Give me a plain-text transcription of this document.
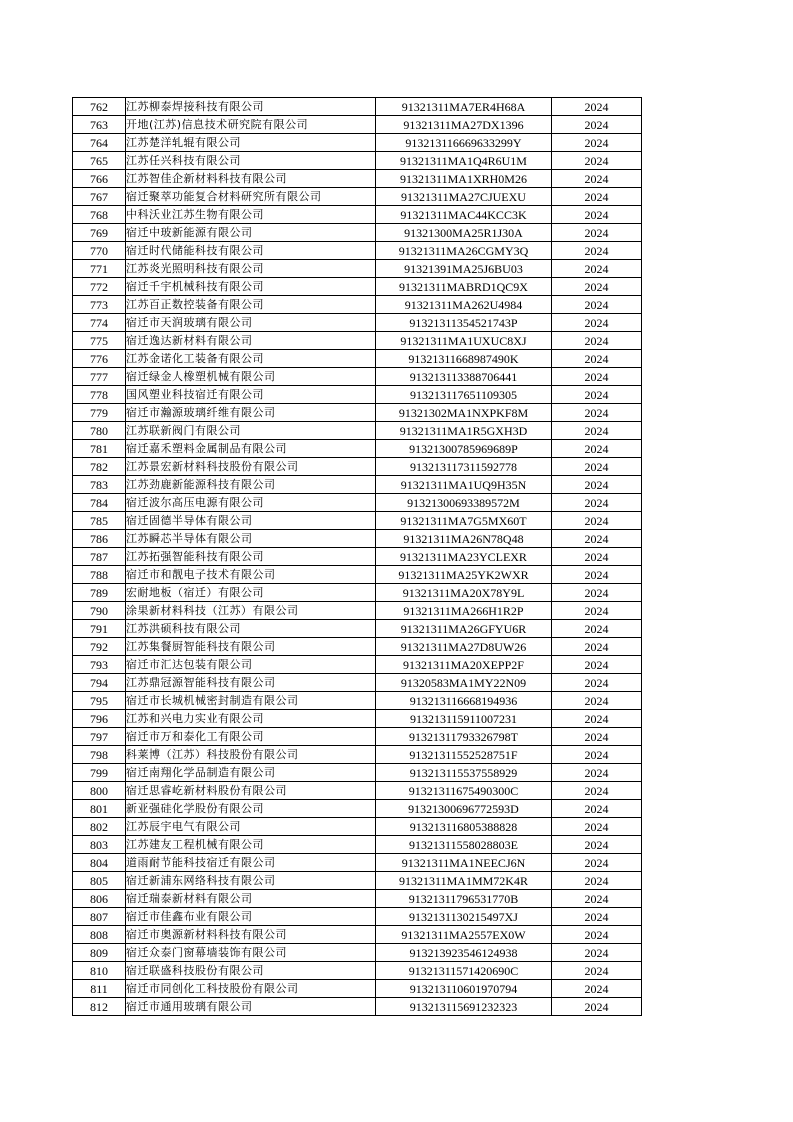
762	江苏柳泰焊接科技有限公司	91321311MA7ER4H68A	2024
763	开地(江苏)信息技术研究院有限公司	91321311MA27DX1396	2024
764	江苏楚洋轧辊有限公司	913213116669633299Y	2024
765	江苏任兴科技有限公司	91321311MA1Q4R6U1M	2024
766	江苏智佳企新材料科技有限公司	91321311MA1XRH0M26	2024
767	宿迁聚萃功能复合材料研究所有限公司	91321311MA27CJUEXU	2024
768	中科沃业江苏生物有限公司	91321311MAC44KCC3K	2024
769	宿迁中玻新能源有限公司	91321300MA25R1J30A	2024
770	宿迁时代储能科技有限公司	91321311MA26CGMY3Q	2024
771	江苏炎光照明科技有限公司	91321391MA25J6BU03	2024
772	宿迁千宇机械科技有限公司	91321311MABRD1QC9X	2024
773	江苏百正数控装备有限公司	91321311MA262U4984	2024
774	宿迁市天润玻璃有限公司	91321311354521743P	2024
775	宿迁逸达新材料有限公司	91321311MA1UXUC8XJ	2024
776	江苏金诺化工装备有限公司	91321311668987490K	2024
777	宿迁绿金人橡塑机械有限公司	913213113388706441	2024
778	国风塑业科技宿迁有限公司	913213117651109305	2024
779	宿迁市瀚源玻璃纤维有限公司	91321302MA1NXPKF8M	2024
780	江苏联新阀门有限公司	91321311MA1R5GXH3D	2024
781	宿迁嘉禾塑料金属制品有限公司	91321300785969689P	2024
782	江苏景宏新材料科技股份有限公司	913213117311592778	2024
783	江苏劲鹿新能源科技有限公司	91321311MA1UQ9H35N	2024
784	宿迁波尔高压电源有限公司	91321300693389572M	2024
785	宿迁固德半导体有限公司	91321311MA7G5MX60T	2024
786	江苏瞬芯半导体有限公司	91321311MA26N78Q48	2024
787	江苏拓强智能科技有限公司	91321311MA23YCLEXR	2024
788	宿迁市和靓电子技术有限公司	91321311MA25YK2WXR	2024
789	宏耐地板（宿迁）有限公司	91321311MA20X78Y9L	2024
790	涂果新材料科技（江苏）有限公司	91321311MA266H1R2P	2024
791	江苏洪硕科技有限公司	91321311MA26GFYU6R	2024
792	江苏集餐厨智能科技有限公司	91321311MA27D8UW26	2024
793	宿迁市汇达包装有限公司	91321311MA20XEPP2F	2024
794	江苏鼎冠源智能科技有限公司	91320583MA1MY22N09	2024
795	宿迁市长城机械密封制造有限公司	913213116668194936	2024
796	江苏和兴电力实业有限公司	913213115911007231	2024
797	宿迁市万和泰化工有限公司	91321311793326798T	2024
798	科莱博（江苏）科技股份有限公司	91321311552528751F	2024
799	宿迁南翔化学品制造有限公司	913213115537558929	2024
800	宿迁思睿屹新材料股份有限公司	91321311675490300C	2024
801	新亚强硅化学股份有限公司	91321300696772593D	2024
802	江苏辰宇电气有限公司	913213116805388828	2024
803	江苏建友工程机械有限公司	91321311558028803E	2024
804	道雨耐节能科技宿迁有限公司	91321311MA1NEECJ6N	2024
805	宿迁新浦东网络科技有限公司	91321311MA1MM72K4R	2024
806	宿迁瑞泰新材料有限公司	91321311796531770B	2024
807	宿迁市佳鑫布业有限公司	9132131130215497XJ	2024
808	宿迁市奥源新材料科技有限公司	91321311MA2557EX0W	2024
809	宿迁众泰门窗幕墙装饰有限公司	913213923546124938	2024
810	宿迁联盛科技股份有限公司	91321311571420690C	2024
811	宿迁市同创化工科技股份有限公司	913213110601970794	2024
812	宿迁市通用玻璃有限公司	913213115691232323	2024
